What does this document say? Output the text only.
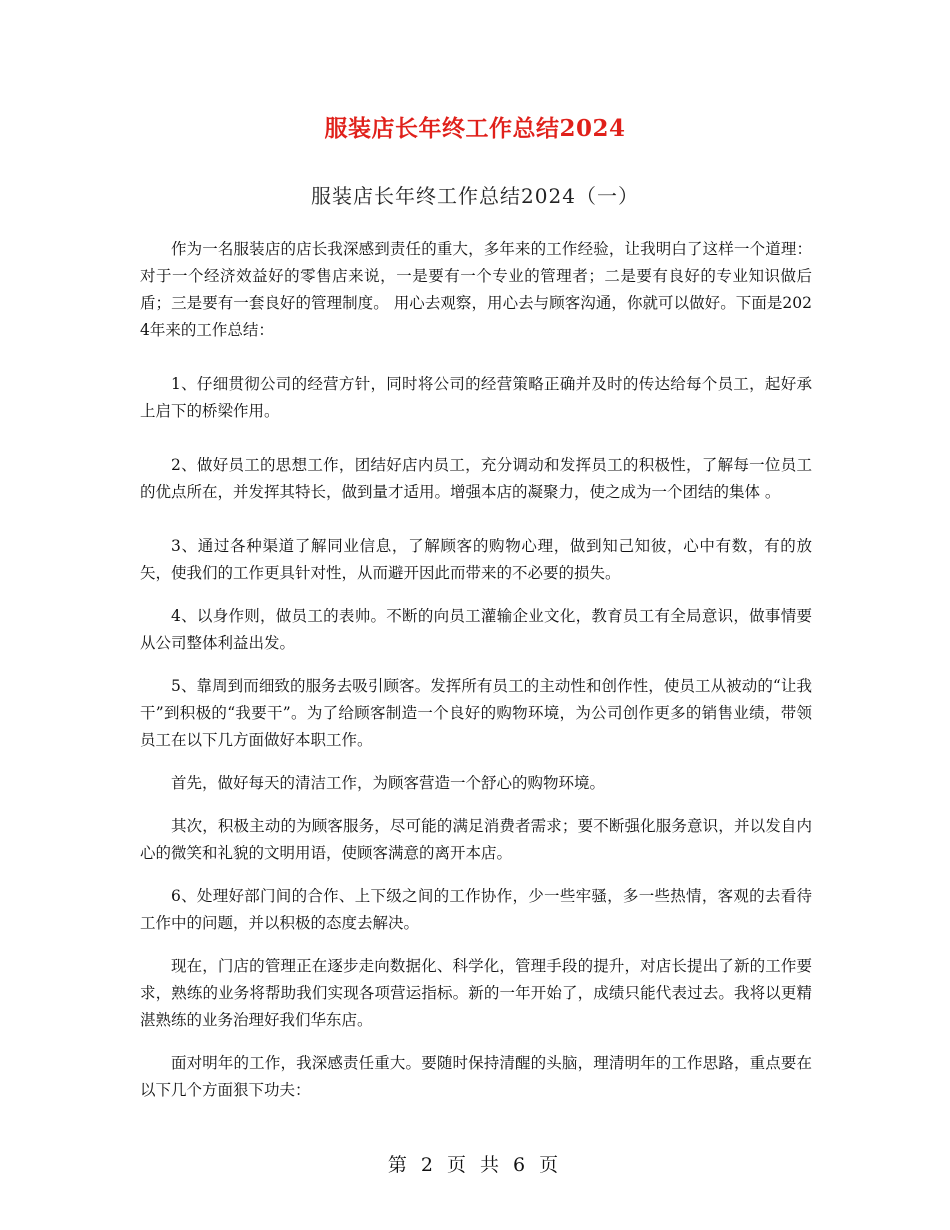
服装店长年终工作总结2024
服装店长年终工作总结2024（一）

作为一名服装店的店长我深感到责任的重大，多年来的工作经验，让我明白了这样一个道理：对于一个经济效益好的零售店来说，一是要有一个专业的管理者；二是要有良好的专业知识做后盾；三是要有一套良好的管理制度。 用心去观察，用心去与顾客沟通，你就可以做好。下面是2024年来的工作总结：

1、仔细贯彻公司的经营方针，同时将公司的经营策略正确并及时的传达给每个员工，起好承上启下的桥梁作用。

2、做好员工的思想工作，团结好店内员工，充分调动和发挥员工的积极性，了解每一位员工的优点所在，并发挥其特长，做到量才适用。增强本店的凝聚力，使之成为一个团结的集体 。

3、通过各种渠道了解同业信息，了解顾客的购物心理，做到知己知彼，心中有数，有的放矢，使我们的工作更具针对性，从而避开因此而带来的不必要的损失。

4、以身作则，做员工的表帅。不断的向员工灌输企业文化，教育员工有全局意识，做事情要从公司整体利益出发。

5、靠周到而细致的服务去吸引顾客。发挥所有员工的主动性和创作性，使员工从被动的“让我干”到积极的“我要干”。为了给顾客制造一个良好的购物环境，为公司创作更多的销售业绩，带领员工在以下几方面做好本职工作。

首先，做好每天的清洁工作，为顾客营造一个舒心的购物环境。

其次，积极主动的为顾客服务，尽可能的满足消费者需求；要不断强化服务意识，并以发自内心的微笑和礼貌的文明用语，使顾客满意的离开本店。

6、处理好部门间的合作、上下级之间的工作协作，少一些牢骚，多一些热情，客观的去看待工作中的问题，并以积极的态度去解决。

现在，门店的管理正在逐步走向数据化、科学化，管理手段的提升，对店长提出了新的工作要求，熟练的业务将帮助我们实现各项营运指标。新的一年开始了，成绩只能代表过去。我将以更精湛熟练的业务治理好我们华东店。

面对明年的工作，我深感责任重大。要随时保持清醒的头脑，理清明年的工作思路，重点要在以下几个方面狠下功夫：

第 2 页 共 6 页
